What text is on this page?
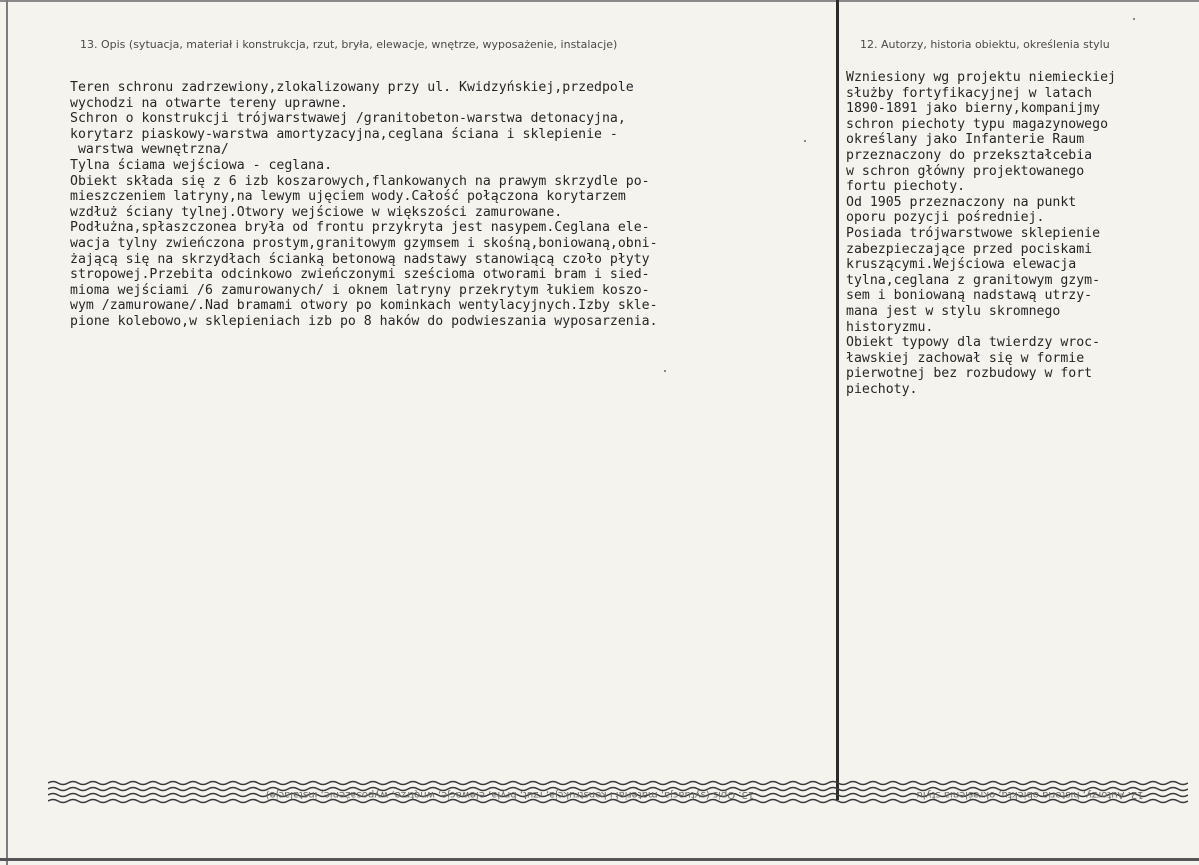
13. Opis (sytuacja, materiał i konstrukcja, rzut, bryła, elewacje, wnętrze, wyposażenie, instalacje)	12. Autorzy, historia obiektu, określenia stylu
Teren schronu zadrzewiony,zlokalizowany przy ul. Kwidzyńskiej,przedpole
wychodzi na otwarte tereny uprawne.
Schron o konstrukcji trójwarstwawej /granitobeton-warstwa detonacyjna,
korytarz piaskowy-warstwa amortyzacyjna,ceglana ściana i sklepienie -
warstwa wewnętrzna/
Tylna ściama wejściowa - ceglana.
Obiekt składa się z 6 izb koszarowych,flankowanych na prawym skrzydle po-
mieszczeniem latryny,na lewym ujęciem wody.Całość połączona korytarzem
wzdłuż ściany tylnej.Otwory wejściowe w większości zamurowane.
Podłużna,spłaszczonea bryła od frontu przykryta jest nasypem.Ceglana ele-
wacja tylny zwieńczona prostym,granitowym gzymsem i skośną,boniowaną,obni-
żającą się na skrzydłach ścianką betonową nadstawy stanowiącą czoło płyty
stropowej.Przebita odcinkowo zwieńczonymi sześcioma otworami bram i sied-
mioma wejściami /6 zamurowanych/ i oknem latryny przekrytym łukiem koszo-
wym /zamurowane/.Nad bramami otwory po kominkach wentylacyjnych.Izby skle-
pione kolebowo,w sklepieniach izb po 8 haków do podwieszania wyposarzenia.
Wzniesiony wg projektu niemieckiej
służby fortyfikacyjnej w latach
1890-1891 jako bierny,kompanijmy
schron piechoty typu magazynowego
określany jako Infanterie Raum
przeznaczony do przekształcebia
w schron główny projektowanego
fortu piechoty.
Od 1905 przeznaczony na punkt
oporu pozycji pośredniej.
Posiada trójwarstwowe sklepienie
zabezpieczające przed pociskami
kruszącymi.Wejściowa elewacja
tylna,ceglana z granitowym gzym-
sem i boniowaną nadstawą utrzy-
mana jest w stylu skromnego
historyzmu.
Obiekt typowy dla twierdzy wroc-
ławskiej zachował się w formie
pierwotnej bez rozbudowy w fort
piechoty.
13. Opis (sytuacja, materiał i konstrukcja, rzut, bryła, elewacje, wnętrze, wyposażenie, instalacje)	12. Autorzy, historia obiektu, określenia stylu
